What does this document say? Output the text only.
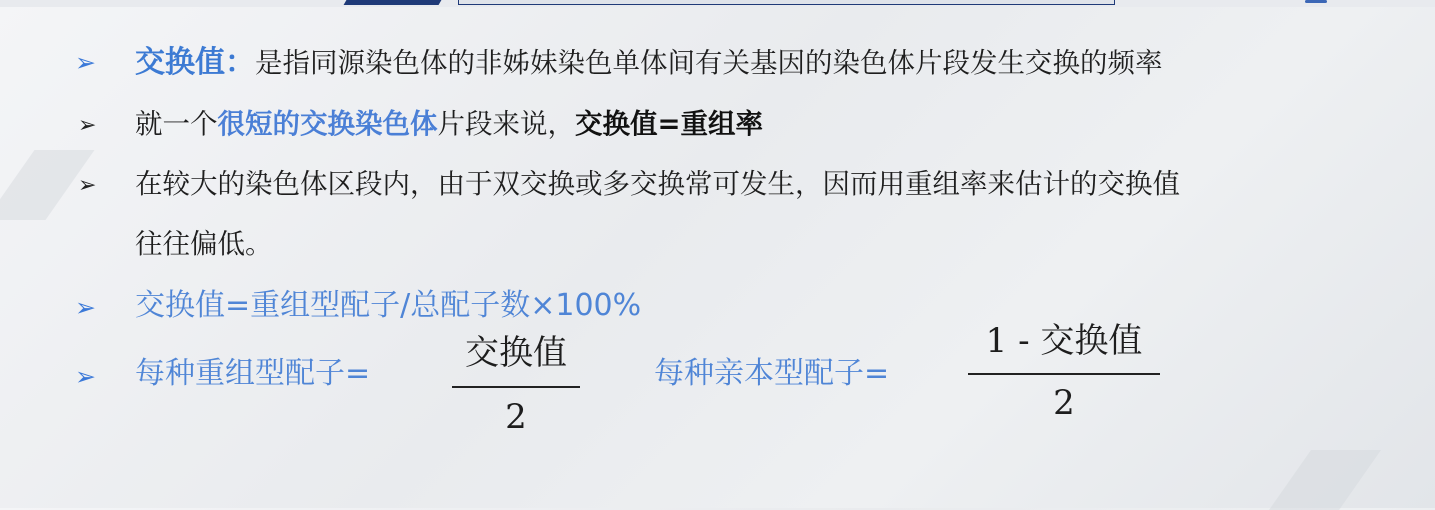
➢ 交换值：是指同源染色体的非姊妹染色单体间有关基因的染色体片段发生交换的频率
➢ 就一个很短的交换染色体片段来说，交换值=重组率
➢ 在较大的染色体区段内，由于双交换或多交换常可发生，因而用重组率来估计的交换值
往往偏低。
➢ 交换值=重组型配子/总配子数×100%
➢ 每种重组型配子=
交换值
2
每种亲本型配子=
1 - 交换值
2
